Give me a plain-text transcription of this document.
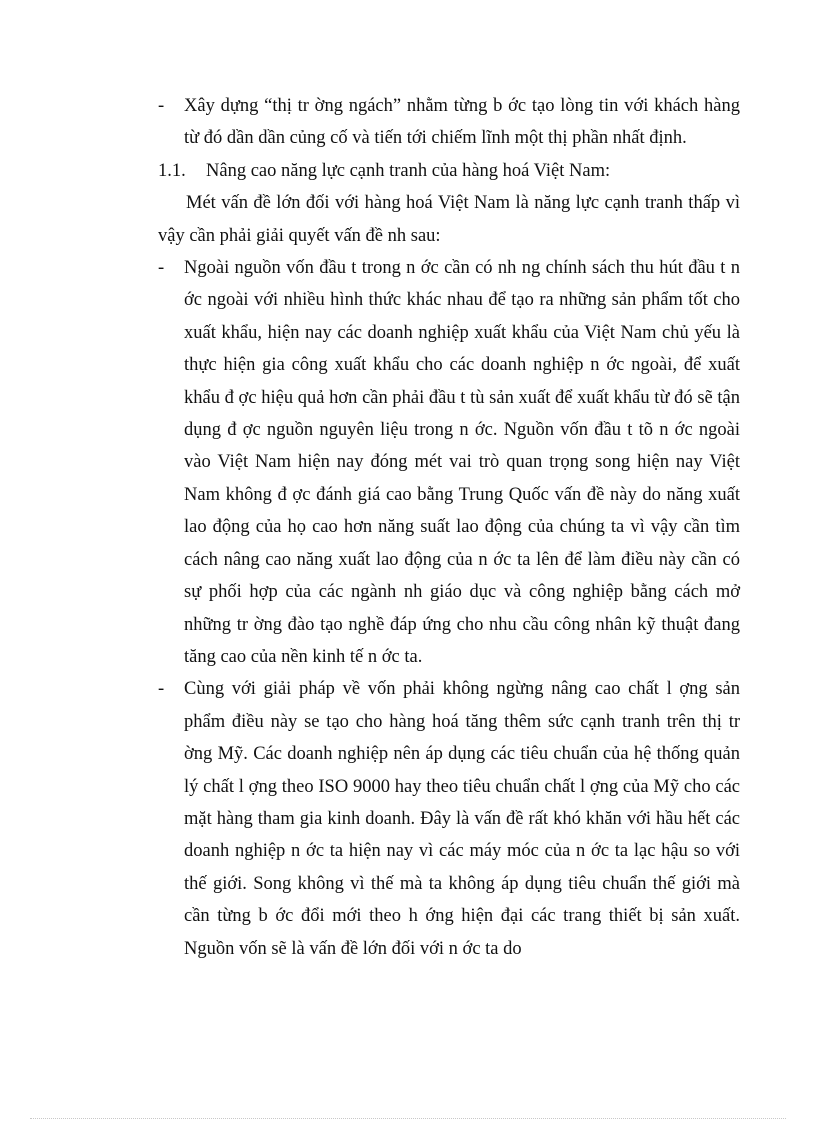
- Xây dựng “thị tr ờng ngách” nhằm từng b ớc tạo lòng tin với khách hàng từ đó dần dần củng cố và tiến tới chiếm lĩnh một thị phần nhất định.
1.1. Nâng cao năng lực cạnh tranh của hàng hoá Việt Nam:
Mét vấn đề lớn đối với hàng hoá Việt Nam là năng lực cạnh tranh thấp vì vậy cần phải giải quyết vấn đề nh sau:
- Ngoài nguồn vốn đầu t trong n ớc cần có nh ng chính sách thu hút đầu t n ớc ngoài với nhiều hình thức khác nhau để tạo ra những sản phẩm tốt cho xuất khẩu, hiện nay các doanh nghiệp xuất khẩu của Việt Nam chủ yếu là thực hiện gia công xuất khẩu cho các doanh nghiệp n ớc ngoài, để xuất khẩu đ ợc hiệu quả hơn cần phải đầu t tù sản xuất để xuất khẩu từ đó sẽ tận dụng đ ợc nguồn nguyên liệu trong n ớc. Nguồn vốn đầu t tõ n ớc ngoài vào Việt Nam hiện nay đóng mét vai trò quan trọng song hiện nay Việt Nam không đ ợc đánh giá cao bằng Trung Quốc vấn đề này do năng xuất lao động của họ cao hơn năng suất lao động của chúng ta vì vậy cần tìm cách nâng cao năng xuất lao động của n ớc ta lên để làm điều này cần có sự phối hợp của các ngành nh giáo dục và công nghiệp bằng cách mở những tr ờng đào tạo nghề đáp ứng cho nhu cầu công nhân kỹ thuật đang tăng cao của nền kinh tế n ớc ta.
- Cùng với giải pháp về vốn phải không ngừng nâng cao chất l ợng sản phẩm điều này se tạo cho hàng hoá tăng thêm sức cạnh tranh trên thị tr ờng Mỹ. Các doanh nghiệp nên áp dụng các tiêu chuẩn của hệ thống quản lý chất l ợng theo ISO 9000 hay theo tiêu chuẩn chất l ợng của Mỹ cho các mặt hàng tham gia kinh doanh. Đây là vấn đề rất khó khăn với hầu hết các doanh nghiệp n ớc ta hiện nay vì các máy móc của n ớc ta lạc hậu so với thế giới. Song không vì thế mà ta không áp dụng tiêu chuẩn thế giới mà cần từng b ớc đổi mới theo h ớng hiện đại các trang thiết bị sản xuất. Nguồn vốn sẽ là vấn đề lớn đối với n ớc ta do
